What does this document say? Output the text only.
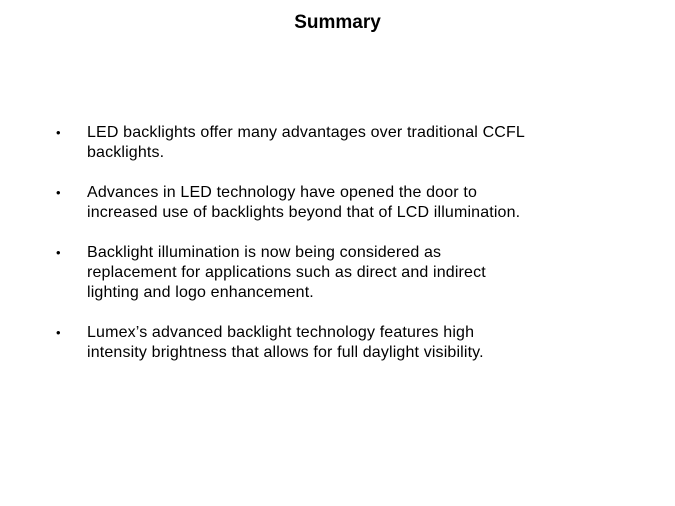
Summary
•	LED backlights offer many advantages over traditional CCFL
backlights.
•	Advances in LED technology have opened the door to
increased use of backlights beyond that of LCD illumination.
•	Backlight illumination is now being considered as
replacement for applications such as direct and indirect
lighting and logo enhancement.
•	Lumex’s advanced backlight technology features high
intensity brightness that allows for full daylight visibility.
